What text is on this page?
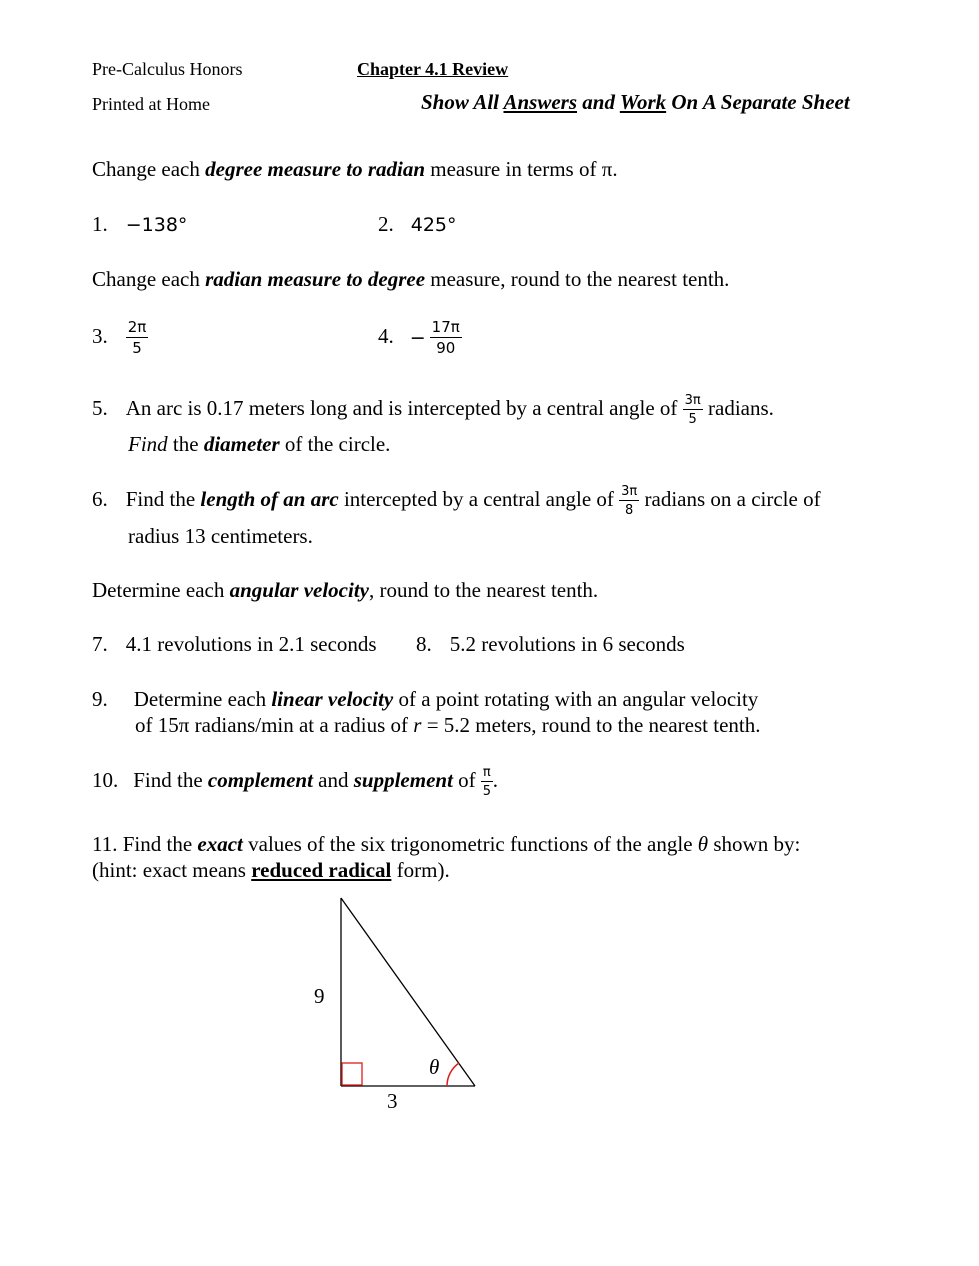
Pre-Calculus Honors	Chapter 4.1 Review
Printed at Home	Show All Answers and Work On A Separate Sheet
Change each degree measure to radian measure in terms of π.
1. −138°	2. 425°
Change each radian measure to degree measure, round to the nearest tenth.
3. $\frac{2\pi}{5}$	4. − $\frac{17\pi}{90}$
5. An arc is 0.17 meters long and is intercepted by a central angle of $\frac{3\pi}{5}$ radians.
Find the diameter of the circle.
6. Find the length of an arc intercepted by a central angle of $\frac{3\pi}{8}$ radians on a circle of
radius 13 centimeters.
Determine each angular velocity, round to the nearest tenth.
7. 4.1 revolutions in 2.1 seconds 8. 5.2 revolutions in 6 seconds
9. Determine each linear velocity of a point rotating with an angular velocity
of 15π radians/min at a radius of r = 5.2 meters, round to the nearest tenth.
10. Find the complement and supplement of $\frac{\pi}{5}$ .
11. Find the exact values of the six trigonometric functions of the angle θ shown by:
(hint: exact means reduced radical form).
9
3
θ
